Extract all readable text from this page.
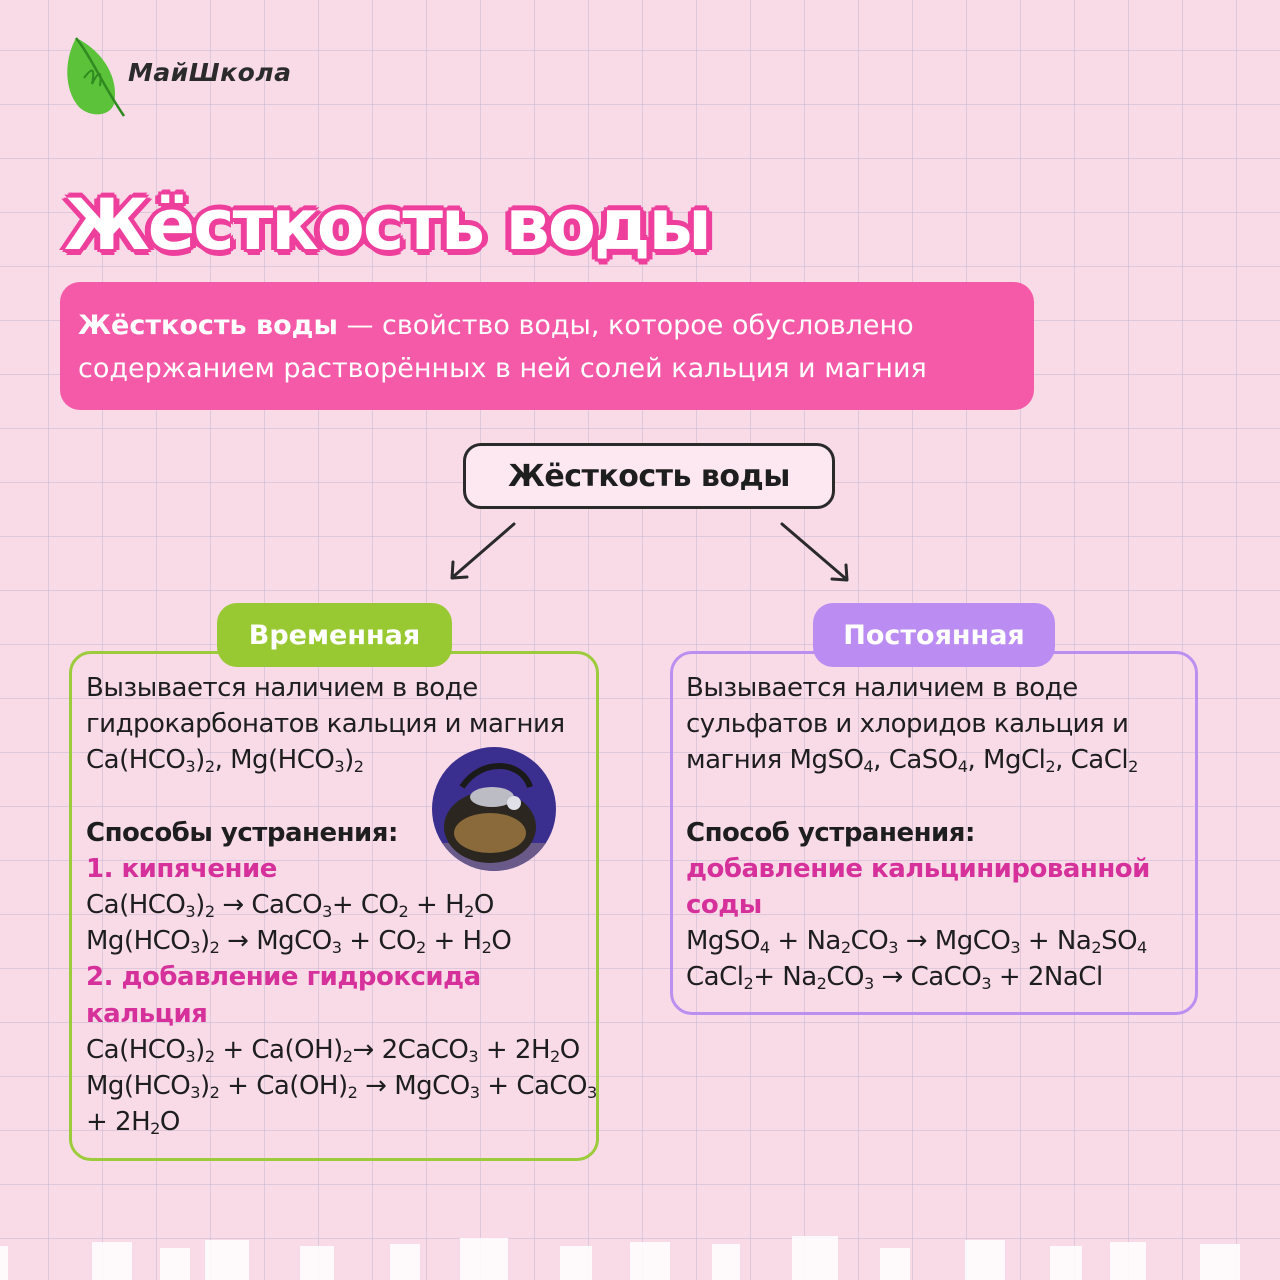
МайШкола
Жёсткость воды
Жёсткость воды — свойство воды, которое обусловлено
содержанием растворённых в ней солей кальция и магния
Жёсткость воды
Временная
Вызывается наличием в воде
гидрокарбонатов кальция и магния
$Ca(HCO_3)_2$, $Mg(HCO_3)_2$
Способы устранения:
1. кипячение
$Ca(HCO_3)_2$ → CaCO$_3$+ $CO_2 + H_2O$
$Mg(HCO_3)_2$ → MgCO$_3$ + $CO_2 + H_2O$
2. добавление гидроксида
кальция
$Ca(HCO_3)_2 + Ca(OH)_2\to$ 2CaCO$_3$ + $2H_2O$
$Mg(HCO_3)_2 + Ca(OH)_2$ → MgCO$_3$ + CaCO$_3$
+ $2H_2O$
Постоянная
Вызывается наличием в воде
сульфатов и хлоридов кальция и
магния MgSO$_4$, CaSO$_4$, MgCl$_2$, CaCl$_2$
Способ устранения:
добавление кальцинированной
соды
MgSO$_4$ + $Na_2CO_3$ → MgCO$_3$ + $Na_2SO_4$
CaCl$_2$+ $Na_2CO_3$ → CaCO$_3$ + 2NaCl
